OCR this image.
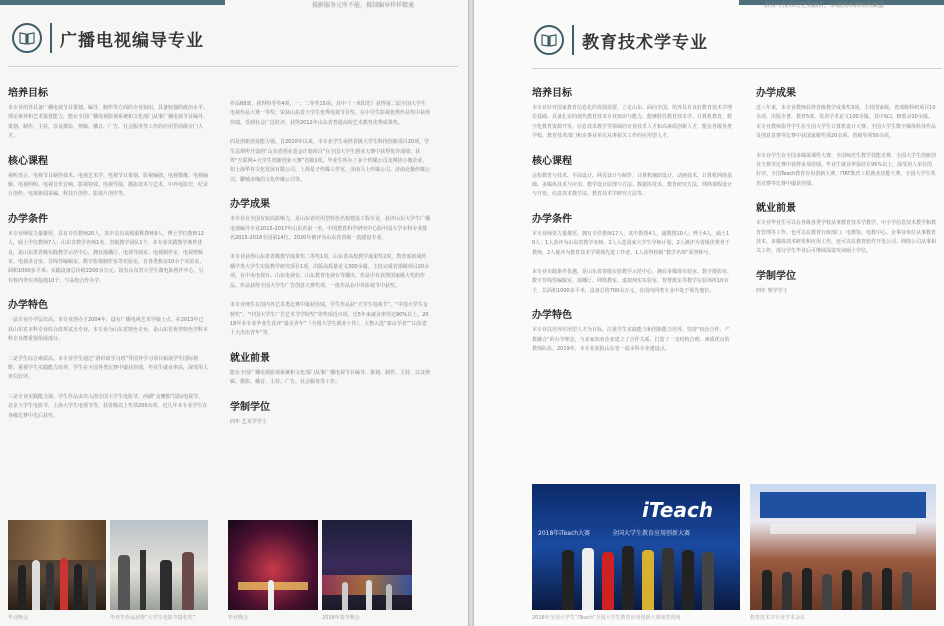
摄影服务元所不能，摄制编导样样精通
广播电视编导专业
培养目标
本专业培养具备广播电视节目策划、编导、制作等方面的专业知识，具备较强的政治水平、理论素养和艺术鉴赏能力，能在全国广播电视影视系统和文化部门从事广播电视节目编导、策划、制作、主持，以及摄影、剪辑、播音、广告、社会服务等工作的应用型高级专门人才。
核心课程
视听语言、电视节目制作技术、电视艺术学、电视节目策划、影视编剧、电视摄像、电视编辑、电视照明、电视音乐音响、影视特效、电视导演、摄影技术与艺术、中外电影史、纪录片创作、电视新闻采编、科技片创作、影视片创作等。
办学条件
本专业师资力量雄厚，具有专任教师20人，其中具有高级职称教师9人，博士学位教师12人，硕士学位教师7人；山东省教学名师1名，省级教学团队1个。本专业实践教学条件优良，是山东省省级实践教学示范中心，拥有演播厅、电视导演室、电视制作室、电视剪辑室、电视录音室、非线性编辑室、数字影视制作室等实验室，有各类机房10余个实验室，面积1000多平米；实践设备总价值2200余万元。设有山东省大学生微电影创作中心，另有校内外实训基地10个，与高校合作办学。
办学特色
一品专业办学层次高。本专业创办于2004年，设有广播电视艺术学硕士点。在2013年已获山东省本科专业综合改革试点专业。本专业为山东省特色专业，是山东省优势特色学科本科专业群重要组成部分。
二是学生综合素质高。本专业学生通过“洛杉矶学习班”等国外学习项目拓展学生国际视野。重视学生实践能力培养，学生在全国各类比赛中屡获佳绩，毕业生就业率高，深受用人单位好评。
三是专业实践能力强。学生作品多次入围全国大学生电影节、西湖“金鹰独”国际电视节、北京大学生电影节、上海大学生电视节等，获省级以上奖项200余项。近几年本专业学生在各级比赛中先后获奖。
作品68部，获得特等奖4项，一、二等奖15项。其中《一米阳光》获得第二届全国大学生电视作品大赛一等奖；荣获山东省大学生优秀电视节目奖、在中学生影视优秀作品奖中获得佳绩，受到社会广泛好评，获得2012年山东省普通高校艺术教育优秀成果奖。
四是创新创业能力强。自2010年以来，本专业学生承担省级大学生科技创新项目20项。学生法规所开设的“山东省创业基金计划项目”在全国大学生创业大赛中获得优异成绩；获得“互联网+大学生创新创业大赛”省级1项。毕业生所办了多个传媒公司及网络小微企业，如上海华谷文化发展有限公司、上海星子传媒工作室、济南马上传媒公司、济南北极传媒公司、聊城市缘的文化传媒公司等。
办学成果
本专业在全国有较高影响力，是山东省应用型特色名校建设工程专业，获评山东大学生广播电视编导专业2015-2017年山东省第一名，中国教育科学研究中心版中国大学本科专业排名2015-2016全国第14位，2020年被评为山东省省级一流建设专业。
本专业获得山东省省级教学成果奖二等奖1项，山东省高校教学成果奖2项，教育部新闻传播学类大学生实验教学研究项目1项，出版高质量论文300余篇，主持完成省部级项目20余项，在中央电视台、山东电视台、山东教育电视台等播出，作品中有获得国家级大奖的作品，作品获得全国大学生广告创意大赛奖项，一批作品在中外影视节中获奖。
本专业师生在国内外艺术类比赛中屡获佳绩，学生作品获“大学生电视节”、“中国大学生金犊奖”、“中国大学生广告艺术节学院奖”等奖项近百项。近5年来就业率均达90%以上。2018年本专业毕业生获评“最美青年”（全国大学生就业十佳），人物入选“泰山学者”“山东省十大杰出青年”等。
就业前景
能在全国广播电视影视系统和文化部门从事广播电视节目编导、策划、制作、主持，以及剪辑、摄影、播音、主持、广告、社会服务等工作。
学制学位
四年 艺术学学士
毕业晚会	毕业生作品获得“大学生电影节提名奖”	毕业晚会	2018年春节晚会
教育与技术的完美融合，卓越技术教师的摇篮
教育技术学专业
培养目标
本专业针对国家教育信息化的发展需要，立足山东、面向全国，培养具有良好教育技术学理论基础、具备扎实的现代教育技术专业知识与能力，能够胜任教育技术学、计算机教育、数字化教育资源开发、信息技术教学等领域的专业技术人才和高素质创新人才，能在各级各类学校、教育技术部门和企事业单位从事相关工作的应用型人才。
核心课程
远程教育与技术、平面设计、网页设计与制作、计算机辅助设计、动画技术、计算机网络基础、多媒体技术与应用、教学设计原理与方法、数据库技术、教育研究方法、网络课程设计与开发、信息技术教学法、教育技术学研究方法等。
办学条件
本专业师资力量雄厚，拥有专任教师17人，其中教授4人，副教授10人；博士4人，硕士10人；1人获评为山东省教学名师。2人入选国家大学生导师计划，2人被评为省级优秀骨干教师，2人被评为教育技术学领域先进工作者，1人获得校级“教学名师”荣誉称号。
本专业实践条件优越，是山东省省级实验教学示范中心，拥有多媒体实验室、数字摄影室、数字非线性编辑室、演播厅、网络教室、虚拟现实实验室、智慧教室等教学实验场所10余个，总面积1000多平米，设备总值700余万元，在国内同类专业中处于领先地位。
办学特色
本专业以培养应用型人才为目标，注重学生实践能力和创新能力培养，坚持“校企合作、产教融合”的办学理念，与多家知名企业建立了合作关系，打造了一支结构合理、素质优良的教师队伍。2019年，本专业获批山东省一流本科专业建设点。
办学成果
近三年来，本专业教师获得省级教学成果奖3项，主持国家级、省部级科研项目10余项，出版专著、教材5部，发表学术论文100余篇，其中SCI、EI收录20余篇。本专业教师指导学生在全国大学生计算机设计大赛、全国大学生数字媒体科技作品及创意竞赛等比赛中获国家级奖项20余项、省级奖项50余项。
本专业学生在全国多媒体课件大赛、全国师范生教学技能竞赛、全国大学生创新创业大赛等比赛中获得多项佳绩。毕业生就业率保持在95%以上，深受用人单位的好评。全国Teach教育应用创新大赛，ITAT教育工程就业技能大赛，全国大学生英语竞赛等比赛中屡获佳绩。
就业前景
本专业毕业生可以在各级各类学校从事教育技术学教学、中小学信息技术教学和教育管理等工作，也可以在教育行政部门、电教馆、电教中心、企事业单位从事教育技术、多媒体技术研发和应用工作，还可以在教育软件开发公司、网络公司从事相关工作，部分学生毕业后可继续深造攻读硕士学位。
学制学位
四年 理学学士
iTeach
2018年iTeach大赛	全国大学生教育应用创新大赛
2018年全国大学生“iTeach”全国大学生教育应用创新大赛颁奖现场	教育技术学专业学术会议
